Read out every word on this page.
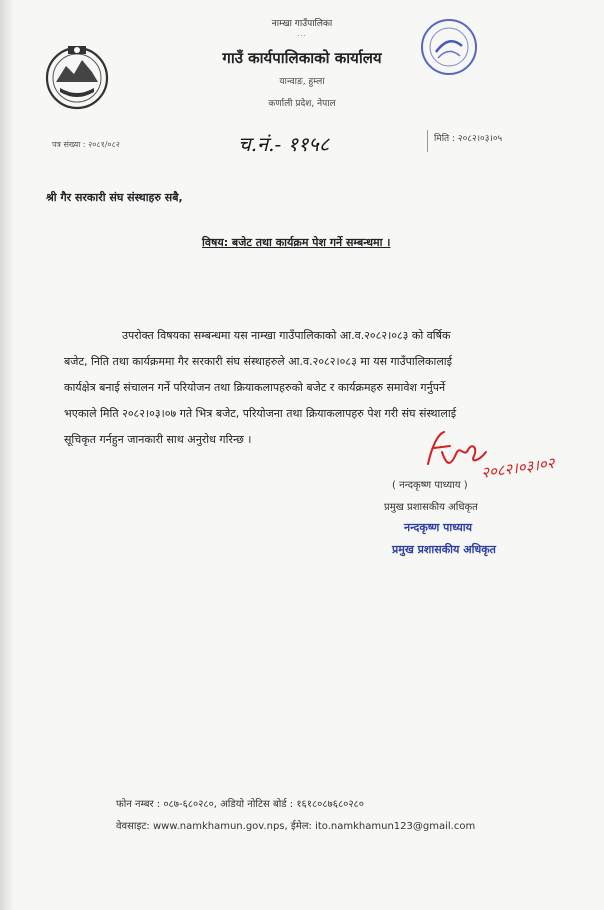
नाम्खा गाउँपालिका
...
गाउँ कार्यपालिकाको कार्यालय
यान्वाङ, हुम्ला
कर्णाली प्रदेश, नेपाल
पत्र संख्या : २०८१/०८२	च.नं.- ११५८	मिति : २०८२।०३।०५
श्री गैर सरकारी संघ संस्थाहरु सबै,
विषय: बजेट तथा कार्यक्रम पेश गर्ने सम्बन्धमा ।
उपरोक्त विषयका सम्बन्धमा यस नाम्खा गाउँपालिकाको आ.व.२०८२।०८३ को वर्षिक
बजेट, निति तथा कार्यक्रममा गैर सरकारी संघ संस्थाहरुले आ.व.२०८२।०८३ मा यस गाउँपालिकालाई
कार्यक्षेत्र बनाई संचालन गर्ने परियोजन तथा क्रियाकलापहरुको बजेट र कार्यक्रमहरु समावेश गर्नुपर्ने
भएकाले मिति २०८२।०३।०७ गते भित्र बजेट, परियोजना तथा क्रियाकलापहरु पेश गरी संघ संस्थालाई
सूचिकृत गर्नहुन जानकारी साथ अनुरोध गरिन्छ ।
२०८२।०३।०२
( नन्दकृष्ण पाध्याय )
प्रमुख प्रशासकीय अधिकृत
नन्दकृष्ण पाध्याय
प्रमुख प्रशासकीय अधिकृत
फोन नम्बर : ०८७-६८०२८०, अडियो नोटिस बोर्ड : १६१८०८७६८०२८०
वेवसाइट: www.namkhamun.gov.nps, ईमेल: ito.namkhamun123@gmail.com
